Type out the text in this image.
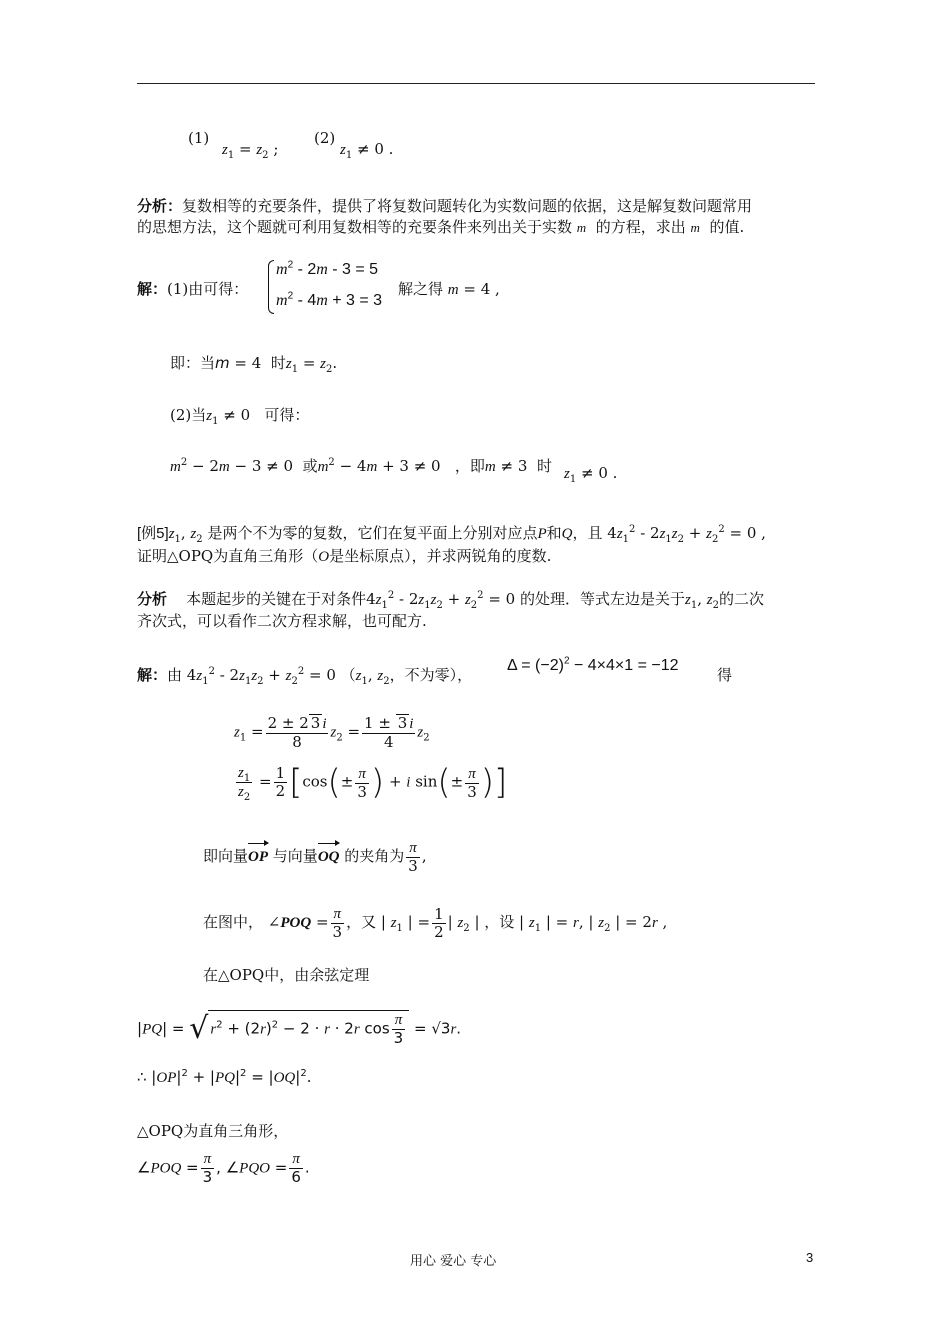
(1)
$z_1 = z_2$ ;
(2)
$z_1 \ne 0$ .
分析：复数相等的充要条件，提供了将复数问题转化为实数问题的依据，这是解复数问题常用
的思想方法，这个题就可利用复数相等的充要条件来列出关于实数 m 的方程，求出 m 的值.
解：(1)由可得：
$m^2 - 2m - 3 = 5$
$m^2 - 4m + 3 = 3$
解之得 m = 4 ,
即：当m = 4  时$z_1 = z_2$.
(2)当$z_1 \ne 0$   可得：
$m^2 - 2m - 3 \ne 0$  或$m^2 - 4m + 3 \ne 0$   ，即m ≠ 3  时 $z_1 \ne 0$ .
[例$5]z_1$, $z_2$ 是两个不为零的复数，它们在复平面上分别对应点P和Q，且 $4z_1^2 - 2z_1z_2 + z_2^2 = 0$ ,
证明△OPQ为直角三角形（O是坐标原点），并求两锐角的度数.
分析 本题起步的关键在于对条件$4z_1^2 - 2z_1z_2 + z_2^2 = 0$ 的处理．等式左边是关于$z_1$, $z_2$的二次
齐次式，可以看作二次方程求解，也可配方.
解：由 $4z_1^2 - 2z_1z_2 + z_2^2 = 0$ （$z_1$, $z_2$，不为零），
$\Delta = (-2)^2 - 4\times 4\times 1 = -12$
得
$z_1 = \frac{2 \pm 2 3 i}{8} z_2 = \frac{1 \pm 3 i}{4} z_2$
$\frac{z_1}{z_2} = \frac{1}{2} [\cos(\pm \frac{\pi}{3}$ ) + i $\sin(\pm \frac{\pi}{3}$ )]
即向量OP 与向量OQ 的夹角为 $\frac{\pi}{3}$ ,
在图中， ∠POQ = $\frac{\pi}{3}$ ，又 | $z_1$ | = $\frac{1}{2}$ | $z_2$ | ，设 | $z_1$ | = r, | $z_2$ | = 2r ,
在△OPQ中，由余弦定理
|PQ| = √ $r^2 + (2r)^2 - 2 \cdot r \cdot 2r$ $\cos \frac{\pi}{3} = √3r$.
∴ $|OP|^2 + |PQ|^2 = |OQ|^2$.
△OPQ为直角三角形，
∠POQ = $\frac{\pi}{3}$ , ∠PQO = $\frac{\pi}{6}$ .
用心 爱心 专心	3
